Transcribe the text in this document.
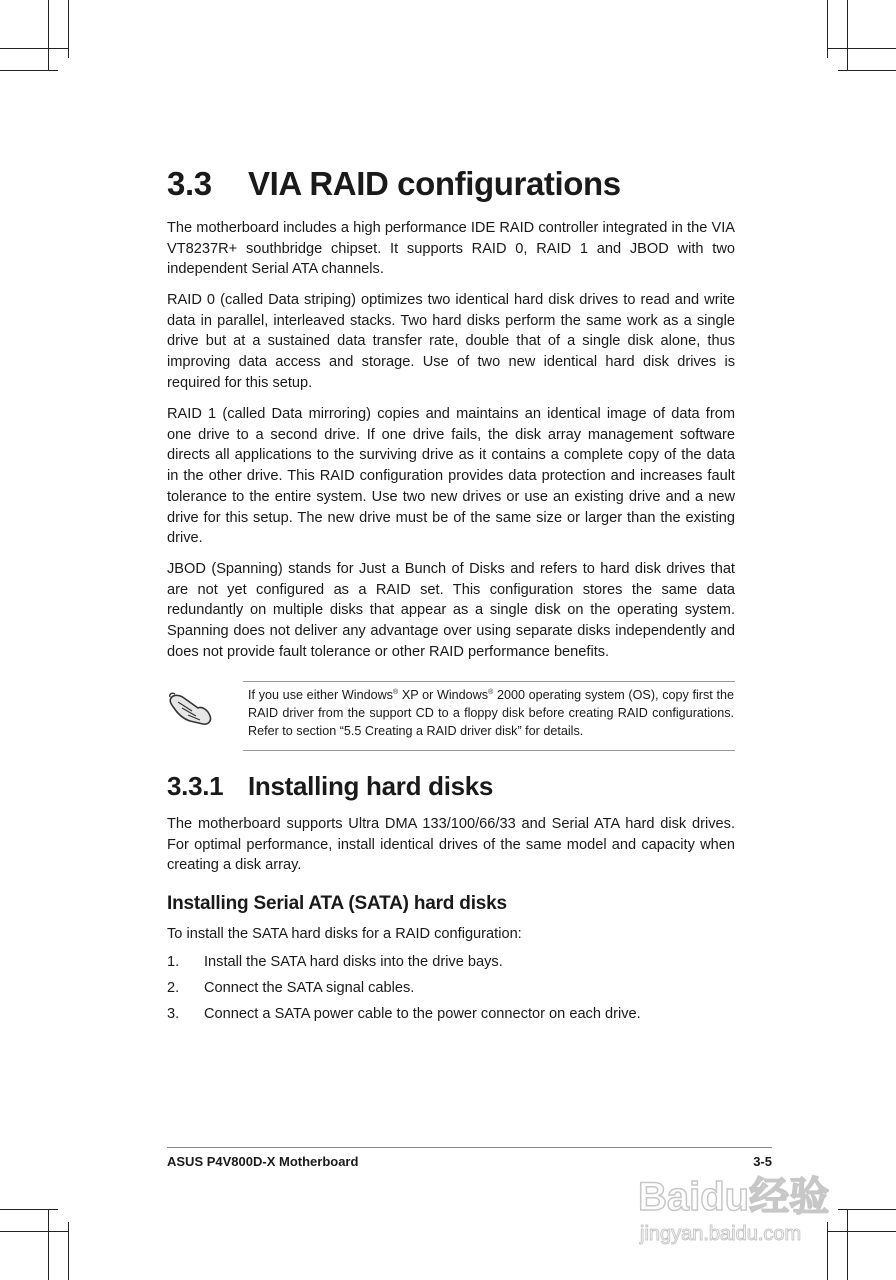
3.3 VIA RAID configurations

The motherboard includes a high performance IDE RAID controller integrated in the VIA VT8237R+ southbridge chipset. It supports RAID 0, RAID 1 and JBOD with two independent Serial ATA channels.

RAID 0 (called Data striping) optimizes two identical hard disk drives to read and write data in parallel, interleaved stacks. Two hard disks perform the same work as a single drive but at a sustained data transfer rate, double that of a single disk alone, thus improving data access and storage. Use of two new identical hard disk drives is required for this setup.

RAID 1 (called Data mirroring) copies and maintains an identical image of data from one drive to a second drive. If one drive fails, the disk array management software directs all applications to the surviving drive as it contains a complete copy of the data in the other drive. This RAID configuration provides data protection and increases fault tolerance to the entire system. Use two new drives or use an existing drive and a new drive for this setup. The new drive must be of the same size or larger than the existing drive.

JBOD (Spanning) stands for Just a Bunch of Disks and refers to hard disk drives that are not yet configured as a RAID set. This configuration stores the same data redundantly on multiple disks that appear as a single disk on the operating system. Spanning does not deliver any advantage over using separate disks independently and does not provide fault tolerance or other RAID performance benefits.

If you use either Windows® XP or Windows® 2000 operating system (OS), copy first the RAID driver from the support CD to a floppy disk before creating RAID configurations. Refer to section “5.5 Creating a RAID driver disk” for details.

3.3.1 Installing hard disks

The motherboard supports Ultra DMA 133/100/66/33 and Serial ATA hard disk drives. For optimal performance, install identical drives of the same model and capacity when creating a disk array.

Installing Serial ATA (SATA) hard disks

To install the SATA hard disks for a RAID configuration:

1. Install the SATA hard disks into the drive bays.
2. Connect the SATA signal cables.
3. Connect a SATA power cable to the power connector on each drive.
ASUS P4V800D-X Motherboard	3-5
Baidu经验
jingyan.baidu.com
